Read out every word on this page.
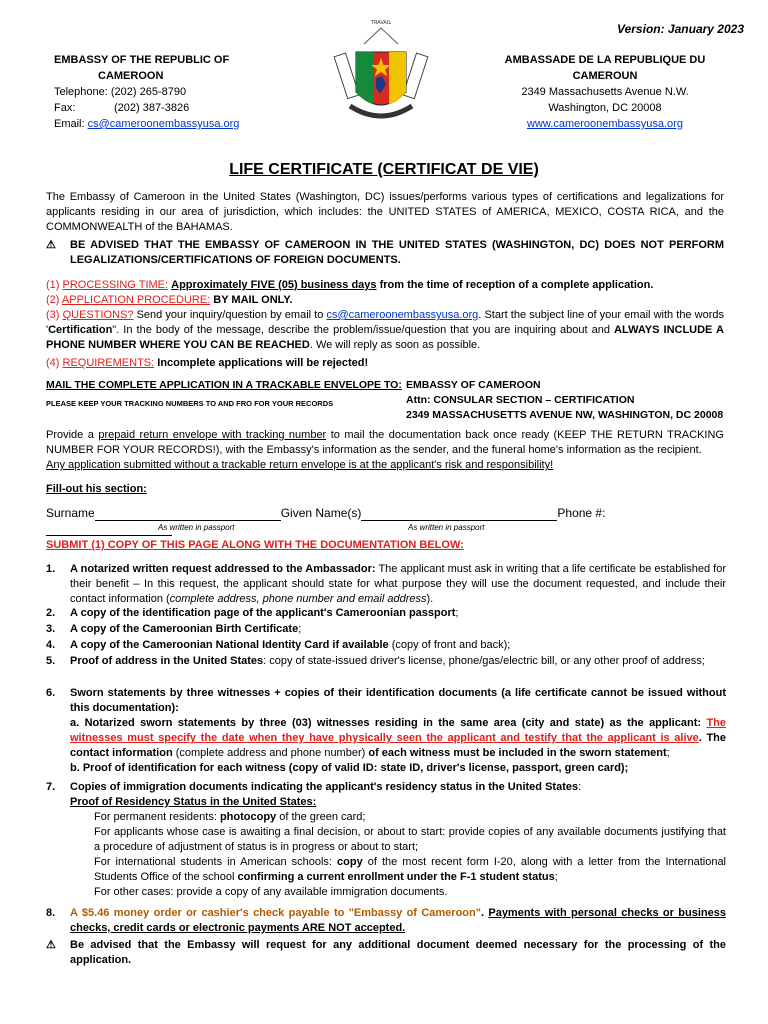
Version: January 2023
EMBASSY OF THE REPUBLIC OF
CAMEROON
Telephone: (202) 265-8790
Fax:	(202) 387-3826
Email: cs@cameroonembassyusa.org
TRAVAIL
PAIX · TRAVAIL · PATRIE
AMBASSADE DE LA REPUBLIQUE DU
CAMEROUN
2349 Massachusetts Avenue N.W.
Washington, DC 20008
www.cameroonembassyusa.org
LIFE CERTIFICATE (CERTIFICAT DE VIE)
The Embassy of Cameroon in the United States (Washington, DC) issues/performs various types of certifications and legalizations for applicants residing in our area of jurisdiction, which includes: the UNITED STATES of AMERICA, MEXICO, COSTA RICA, and the COMMONWEALTH of the BAHAMAS.
⚠ BE ADVISED THAT THE EMBASSY OF CAMEROON IN THE UNITED STATES (WASHINGTON, DC) DOES NOT PERFORM LEGALIZATIONS/CERTIFICATIONS OF FOREIGN DOCUMENTS.
(1) PROCESSING TIME: Approximately FIVE (05) business days from the time of reception of a complete application.
(2) APPLICATION PROCEDURE: BY MAIL ONLY.
(3) QUESTIONS? Send your inquiry/question by email to cs@cameroonembassyusa.org. Start the subject line of your email with the words 'Certification". In the body of the message, describe the problem/issue/question that you are inquiring about and ALWAYS INCLUDE A PHONE NUMBER WHERE YOU CAN BE REACHED. We will reply as soon as possible.
(4) REQUIREMENTS: Incomplete applications will be rejected!
MAIL THE COMPLETE APPLICATION IN A TRACKABLE ENVELOPE TO:
PLEASE KEEP YOUR TRACKING NUMBERS TO AND FRO FOR YOUR RECORDS
EMBASSY OF CAMEROON
Attn: CONSULAR SECTION – CERTIFICATION
2349 MASSACHUSETTS AVENUE NW, WASHINGTON, DC 20008
Provide a prepaid return envelope with tracking number to mail the documentation back once ready (KEEP THE RETURN TRACKING NUMBER FOR YOUR RECORDS!), with the Embassy's information as the sender, and the funeral home's information as the recipient.
Any application submitted without a trackable return envelope is at the applicant's risk and responsibility!
Fill-out his section:
Surname	Given Name(s)	Phone #:
As written in passport	As written in passport
SUBMIT (1) COPY OF THIS PAGE ALONG WITH THE DOCUMENTATION BELOW:
1. A notarized written request addressed to the Ambassador: The applicant must ask in writing that a life certificate be established for their benefit – In this request, the applicant should state for what purpose they will use the document requested, and include their contact information (complete address, phone number and email address).
2. A copy of the identification page of the applicant's Cameroonian passport;
3. A copy of the Cameroonian Birth Certificate;
4. A copy of the Cameroonian National Identity Card if available (copy of front and back);
5. Proof of address in the United States: copy of state-issued driver's license, phone/gas/electric bill, or any other proof of address;
6. Sworn statements by three witnesses + copies of their identification documents (a life certificate cannot be issued without this documentation):
a. Notarized sworn statements by three (03) witnesses residing in the same area (city and state) as the applicant: The witnesses must specify the date when they have physically seen the applicant and testify that the applicant is alive. The contact information (complete address and phone number) of each witness must be included in the sworn statement;
b. Proof of identification for each witness (copy of valid ID: state ID, driver's license, passport, green card);
7. Copies of immigration documents indicating the applicant's residency status in the United States:
Proof of Residency Status in the United States:
For permanent residents: photocopy of the green card;
For applicants whose case is awaiting a final decision, or about to start: provide copies of any available documents justifying that a procedure of adjustment of status is in progress or about to start;
For international students in American schools: copy of the most recent form I-20, along with a letter from the International Students Office of the school confirming a current enrollment under the F-1 student status;
For other cases: provide a copy of any available immigration documents.
8. A $5.46 money order or cashier's check payable to "Embassy of Cameroon". Payments with personal checks or business checks, credit cards or electronic payments ARE NOT accepted.
⚠ Be advised that the Embassy will request for any additional document deemed necessary for the processing of the application.
